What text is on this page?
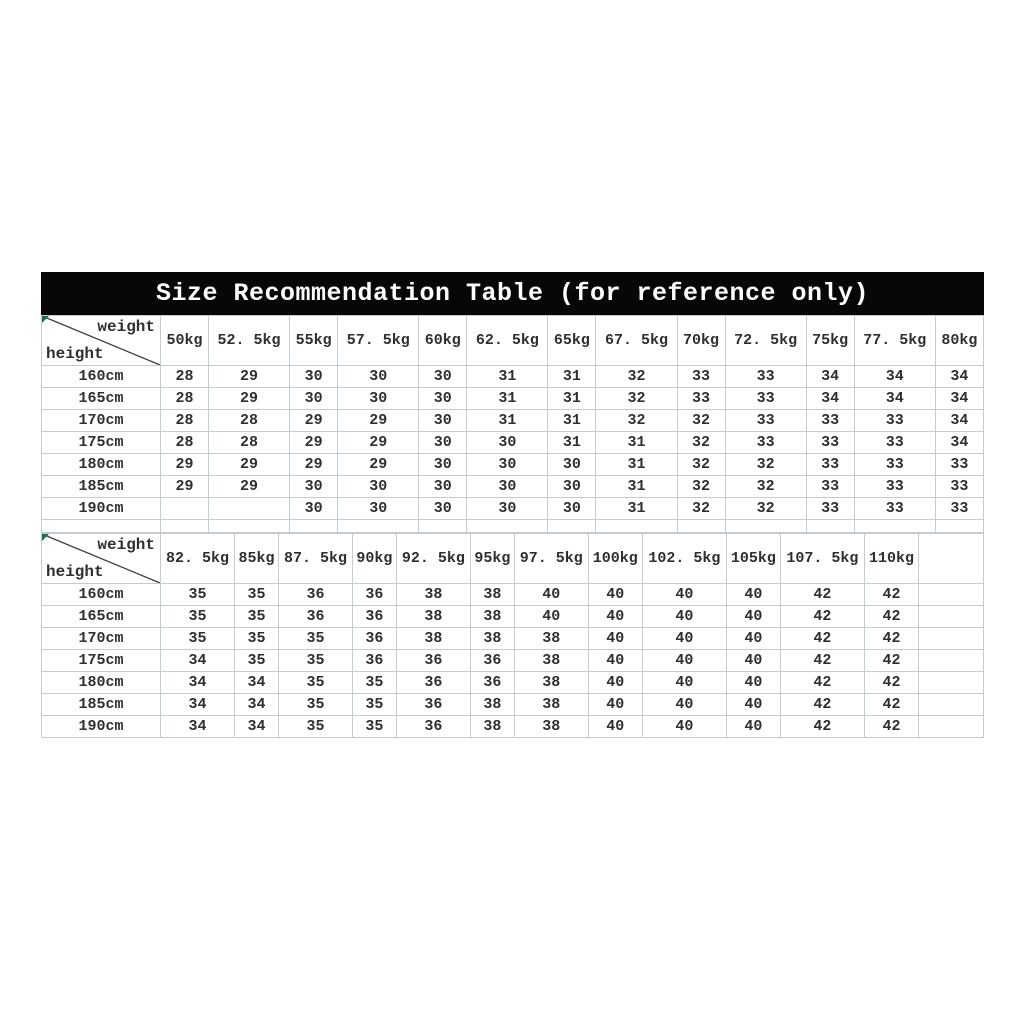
Size Recommendation Table (for reference only)
weight
height	50kg	52. 5kg	55kg	57. 5kg	60kg	62. 5kg	65kg	67. 5kg	70kg	72. 5kg	75kg	77. 5kg	80kg
160cm	28	29	30	30	30	31	31	32	33	33	34	34	34
165cm	28	29	30	30	30	31	31	32	33	33	34	34	34
170cm	28	28	29	29	30	31	31	32	32	33	33	33	34
175cm	28	28	29	29	30	30	31	31	32	33	33	33	34
180cm	29	29	29	29	30	30	30	31	32	32	33	33	33
185cm	29	29	30	30	30	30	30	31	32	32	33	33	33
190cm			30	30	30	30	30	31	32	32	33	33	33

weight
height	82. 5kg	85kg	87. 5kg	90kg	92. 5kg	95kg	97. 5kg	100kg	102. 5kg	105kg	107. 5kg	110kg	
160cm	35	35	36	36	38	38	40	40	40	40	42	42	
165cm	35	35	36	36	38	38	40	40	40	40	42	42	
170cm	35	35	35	36	38	38	38	40	40	40	42	42	
175cm	34	35	35	36	36	36	38	40	40	40	42	42	
180cm	34	34	35	35	36	36	38	40	40	40	42	42	
185cm	34	34	35	35	36	38	38	40	40	40	42	42	
190cm	34	34	35	35	36	38	38	40	40	40	42	42	
